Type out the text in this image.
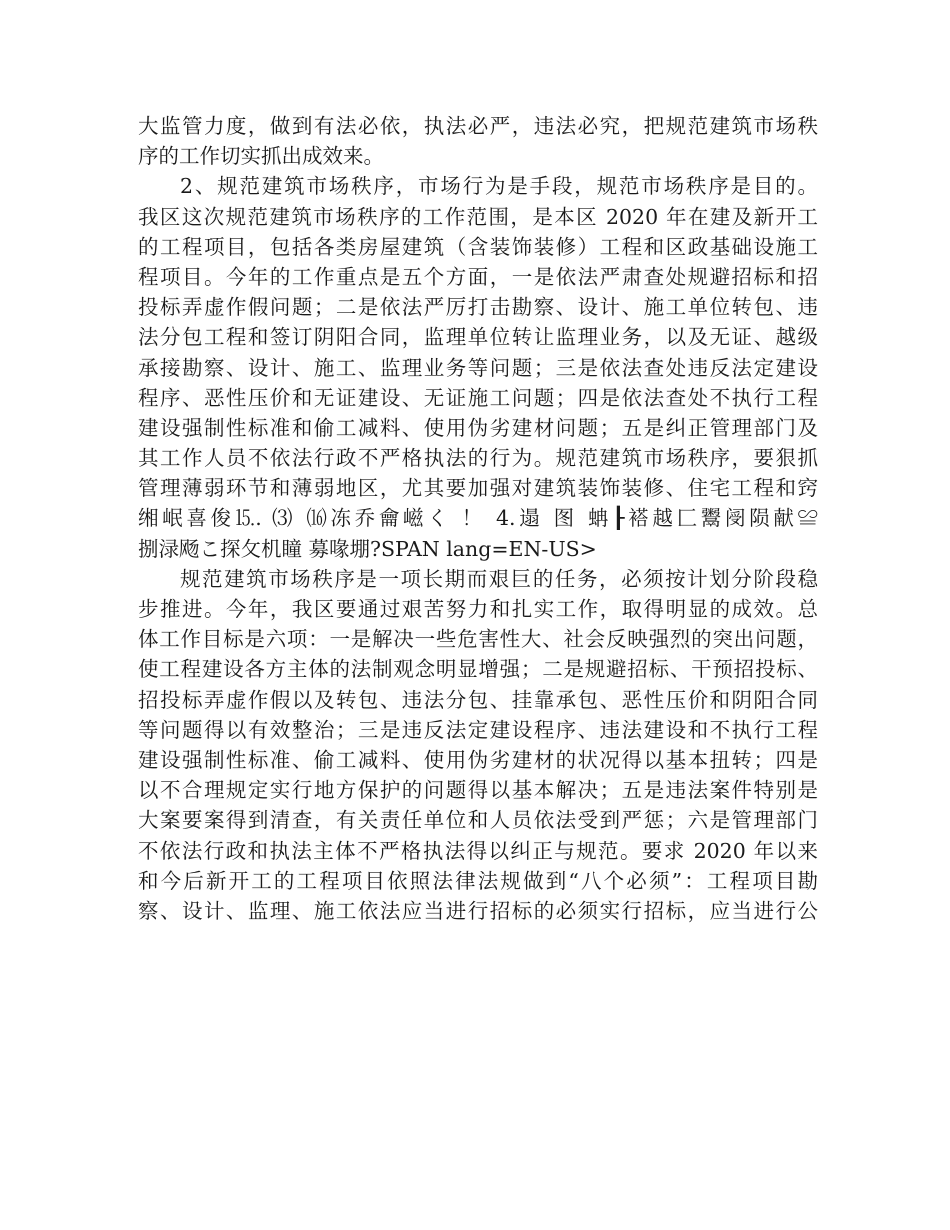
大监管力度，做到有法必依，执法必严，违法必究，把规范建筑市场秩
序的工作切实抓出成效来。
2、规范建筑市场秩序，市场行为是手段，规范市场秩序是目的。
我区这次规范建筑市场秩序的工作范围，是本区 2020 年在建及新开工
的工程项目，包括各类房屋建筑（含装饰装修）工程和区政基础设施工
程项目。今年的工作重点是五个方面，一是依法严肃查处规避招标和招
投标弄虚作假问题；二是依法严厉打击勘察、设计、施工单位转包、违
法分包工程和签订阴阳合同，监理单位转让监理业务，以及无证、越级
承接勘察、设计、施工、监理业务等问题；三是依法查处违反法定建设
程序、恶性压价和无证建设、无证施工问题；四是依法查处不执行工程
建设强制性标准和偷工减料、使用伪劣建材问题；五是纠正管理部门及
其工作人员不依法行政不严格执法的行为。规范建筑市场秩序，要狠抓
管理薄弱环节和薄弱地区，尤其要加强对建筑装饰装修、住宅工程和窍
缃岷喜俊⒖. ⑶ ⒃冻乔龠嵫く ！ 4.遢 图 蚺┠褡越匚鬻阌陨献≌
捌渌飏こ探攵机瞳 募喙堋?SPAN lang=EN-US>
规范建筑市场秩序是一项长期而艰巨的任务，必须按计划分阶段稳
步推进。今年，我区要通过艰苦努力和扎实工作，取得明显的成效。总
体工作目标是六项：一是解决一些危害性大、社会反映强烈的突出问题，
使工程建设各方主体的法制观念明显增强；二是规避招标、干预招投标、
招投标弄虚作假以及转包、违法分包、挂靠承包、恶性压价和阴阳合同
等问题得以有效整治；三是违反法定建设程序、违法建设和不执行工程
建设强制性标准、偷工减料、使用伪劣建材的状况得以基本扭转；四是
以不合理规定实行地方保护的问题得以基本解决；五是违法案件特别是
大案要案得到清查，有关责任单位和人员依法受到严惩；六是管理部门
不依法行政和执法主体不严格执法得以纠正与规范。要求 2020 年以来
和今后新开工的工程项目依照法律法规做到“八个必须”：工程项目勘
察、设计、监理、施工依法应当进行招标的必须实行招标，应当进行公
